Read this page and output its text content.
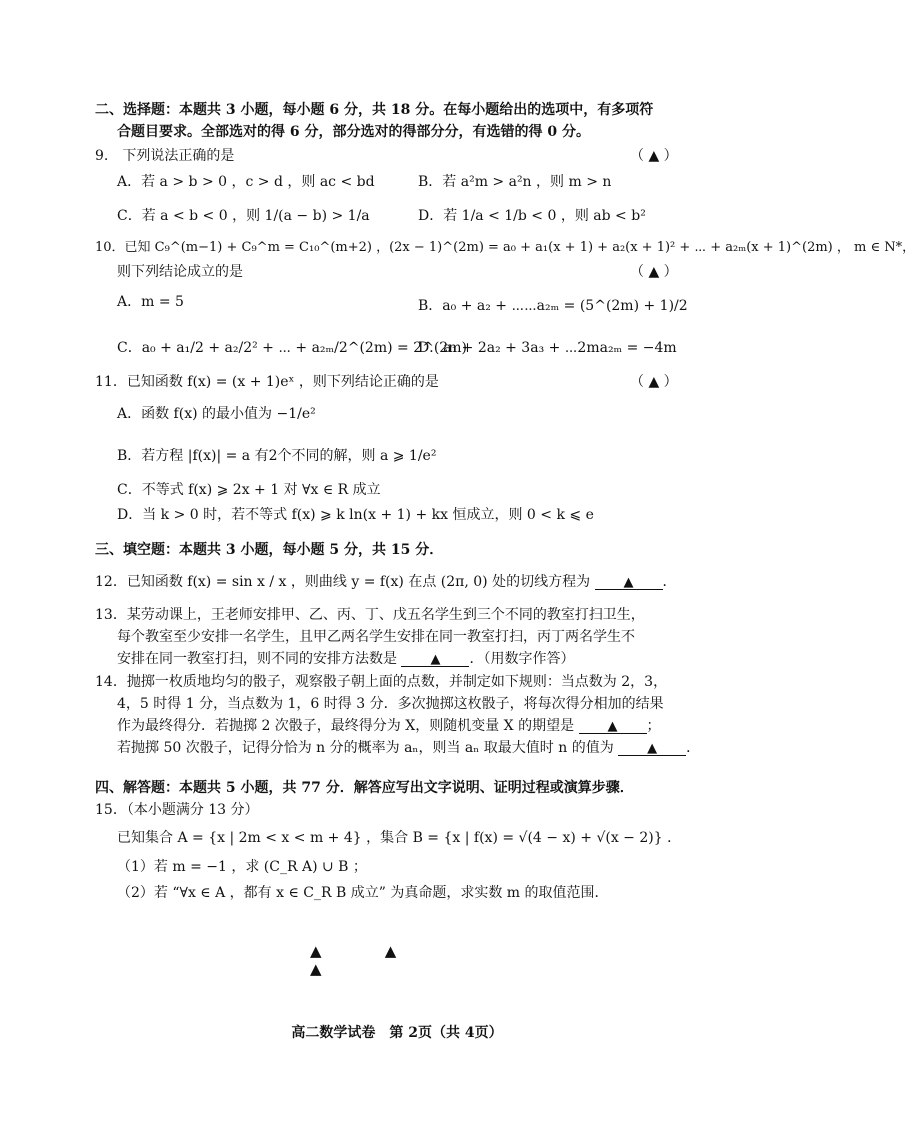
二、选择题：本题共 3 小题，每小题 6 分，共 18 分。在每小题给出的选项中，有多项符
合题目要求。全部选对的得 6 分，部分选对的得部分分，有选错的得 0 分。
9.　下列说法正确的是	（ ▲ ）
A．若 a > b > 0 ，c > d ，则 ac < bd	B．若 a²m > a²n ，则 m > n
C．若 a < b < 0 ，则 1/(a − b) > 1/a	D．若 1/a < 1/b < 0 ，则 ab < b²
10．已知 C₉^(m−1) + C₉^m = C₁₀^(m+2) ，(2x − 1)^(2m) = a₀ + a₁(x + 1) + a₂(x + 1)² + ⋯ + a₂ₘ(x + 1)^(2m) ， m ∈ N*，
则下列结论成立的是	（ ▲ ）
A．m = 5	B．a₀ + a₂ + ⋯⋯a₂ₘ = (5^(2m) + 1)/2
C．a₀ + a₁/2 + a₂/2² + ⋯ + a₂ₘ/2^(2m) = 2^(2m)
D．a₁ + 2a₂ + 3a₃ + ⋯2ma₂ₘ = −4m
11．已知函数 f(x) = (x + 1)eˣ ，则下列结论正确的是	（ ▲ ）
A．函数 f(x) 的最小值为 −1/e²
B．若方程 |f(x)| = a 有2个不同的解，则 a ⩾ 1/e²
C．不等式 f(x) ⩾ 2x + 1 对 ∀x ∈ R 成立
D．当 k > 0 时，若不等式 f(x) ⩾ k ln(x + 1) + kx 恒成立，则 0 < k ⩽ e
三、填空题：本题共 3 小题，每小题 5 分，共 15 分．
12．已知函数 f(x) = sin x / x ，则曲线 y = f(x) 在点 (2π, 0) 处的切线方程为	▲ ．
13．某劳动课上，王老师安排甲、乙、丙、丁、戊五名学生到三个不同的教室打扫卫生，
每个教室至少安排一名学生，且甲乙两名学生安排在同一教室打扫，丙丁两名学生不
安排在同一教室打扫，则不同的安排方法数是	▲ ．（用数字作答）
14．抛掷一枚质地均匀的骰子，观察骰子朝上面的点数，并制定如下规则：当点数为 2，3，
4，5 时得 1 分，当点数为 1，6 时得 3 分．多次抛掷这枚骰子，将每次得分相加的结果
作为最终得分．若抛掷 2 次骰子，最终得分为 X，则随机变量 X 的期望是	▲ ；
若抛掷 50 次骰子，记得分恰为 n 分的概率为 aₙ，则当 aₙ 取最大值时 n 的值为	▲ ．
四、解答题：本题共 5 小题，共 77 分．解答应写出文字说明、证明过程或演算步骤．
15．（本小题满分 13 分）
已知集合 A = {x | 2m < x < m + 4} ，集合 B = {x | f(x) = √(4 − x) + √(x − 2)} ．
（1）若 m = −1 ，求 (C_R A) ∪ B ；
（2）若 “∀x ∈ A ，都有 x ∈ C_R B 成立” 为真命题，求实数 m 的取值范围．
▲	▲ ▲
高二数学试卷　第 2页（共 4页）
